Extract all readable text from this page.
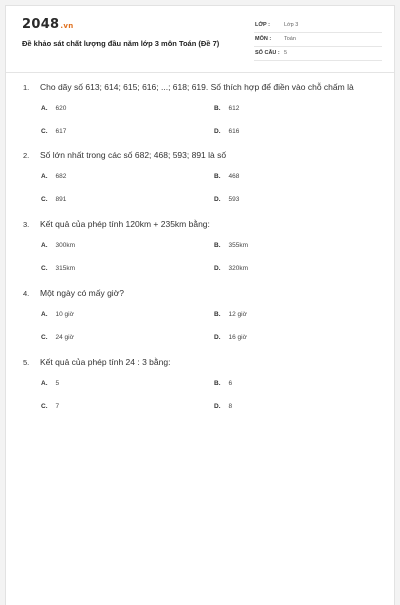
2048.vn
Đề khảo sát chất lượng đầu năm lớp 3 môn Toán (Đề 7)
LỚP :	Lớp 3
MÔN : Toán
SỐ CÂU : 5
1. Cho dãy số 613; 614; 615; 616; ...; 618; 619. Số thích hợp để điền vào chỗ chấm là
A. 620	B. 612
C. 617	D. 616
2. Số lớn nhất trong các số 682; 468; 593; 891 là số
A. 682	B. 468
C. 891	D. 593
3. Kết quả của phép tính 120km + 235km bằng:
A. 300km	B. 355km
C. 315km	D. 320km
4. Một ngày có mấy giờ?
A. 10 giờ	B. 12 giờ
C. 24 giờ	D. 16 giờ
5. Kết quả của phép tính 24 : 3 bằng:
A. 5	B. 6
C. 7	D. 8
